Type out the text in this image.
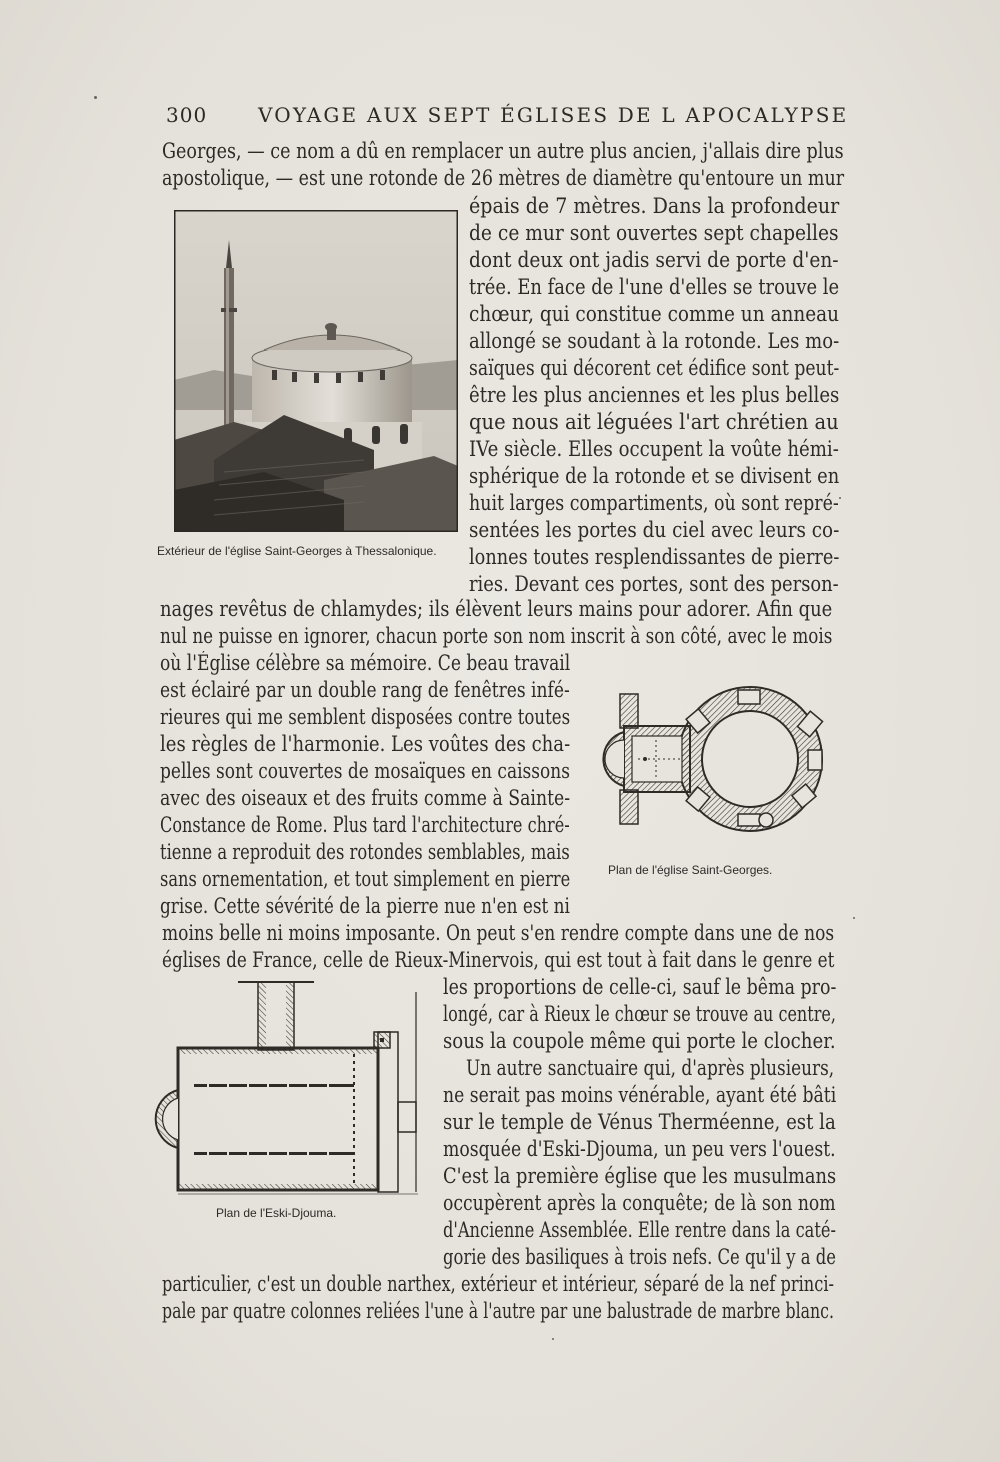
300	VOYAGE AUX SEPT ÉGLISES DE L APOCALYPSE
Extérieur de l'église Saint-Georges à Thessalonique.
Plan de l'église Saint-Georges.
Plan de l'Eski-Djouma.
Georges, — ce nom a dû en remplacer un autre plus ancien, j'allais dire plus
apostolique, — est une rotonde de 26 mètres de diamètre qu'entoure un mur
épais de 7 mètres. Dans la profondeur
de ce mur sont ouvertes sept chapelles
dont deux ont jadis servi de porte d'en-
trée. En face de l'une d'elles se trouve le
chœur, qui constitue comme un anneau
allongé se soudant à la rotonde. Les mo-
saïques qui décorent cet édifice sont peut-
être les plus anciennes et les plus belles
que nous ait léguées l'art chrétien au
IVe siècle. Elles occupent la voûte hémi-
sphérique de la rotonde et se divisent en
huit larges compartiments, où sont repré-
sentées les portes du ciel avec leurs co-
lonnes toutes resplendissantes de pierre-
ries. Devant ces portes, sont des person-
nages revêtus de chlamydes; ils élèvent leurs mains pour adorer. Afin que
nul ne puisse en ignorer, chacun porte son nom inscrit à son côté, avec le mois
où l'Église célèbre sa mémoire. Ce beau travail
est éclairé par un double rang de fenêtres infé-
rieures qui me semblent disposées contre toutes
les règles de l'harmonie. Les voûtes des cha-
pelles sont couvertes de mosaïques en caissons
avec des oiseaux et des fruits comme à Sainte-
Constance de Rome. Plus tard l'architecture chré-
tienne a reproduit des rotondes semblables, mais
sans ornementation, et tout simplement en pierre
grise. Cette sévérité de la pierre nue n'en est ni
moins belle ni moins imposante. On peut s'en rendre compte dans une de nos
églises de France, celle de Rieux-Minervois, qui est tout à fait dans le genre et
les proportions de celle-ci, sauf le bêma pro-
longé, car à Rieux le chœur se trouve au centre,
sous la coupole même qui porte le clocher.
Un autre sanctuaire qui, d'après plusieurs,
ne serait pas moins vénérable, ayant été bâti
sur le temple de Vénus Therméenne, est la
mosquée d'Eski-Djouma, un peu vers l'ouest.
C'est la première église que les musulmans
occupèrent après la conquête; de là son nom
d'Ancienne Assemblée. Elle rentre dans la caté-
gorie des basiliques à trois nefs. Ce qu'il y a de
particulier, c'est un double narthex, extérieur et intérieur, séparé de la nef princi-
pale par quatre colonnes reliées l'une à l'autre par une balustrade de marbre blanc.
